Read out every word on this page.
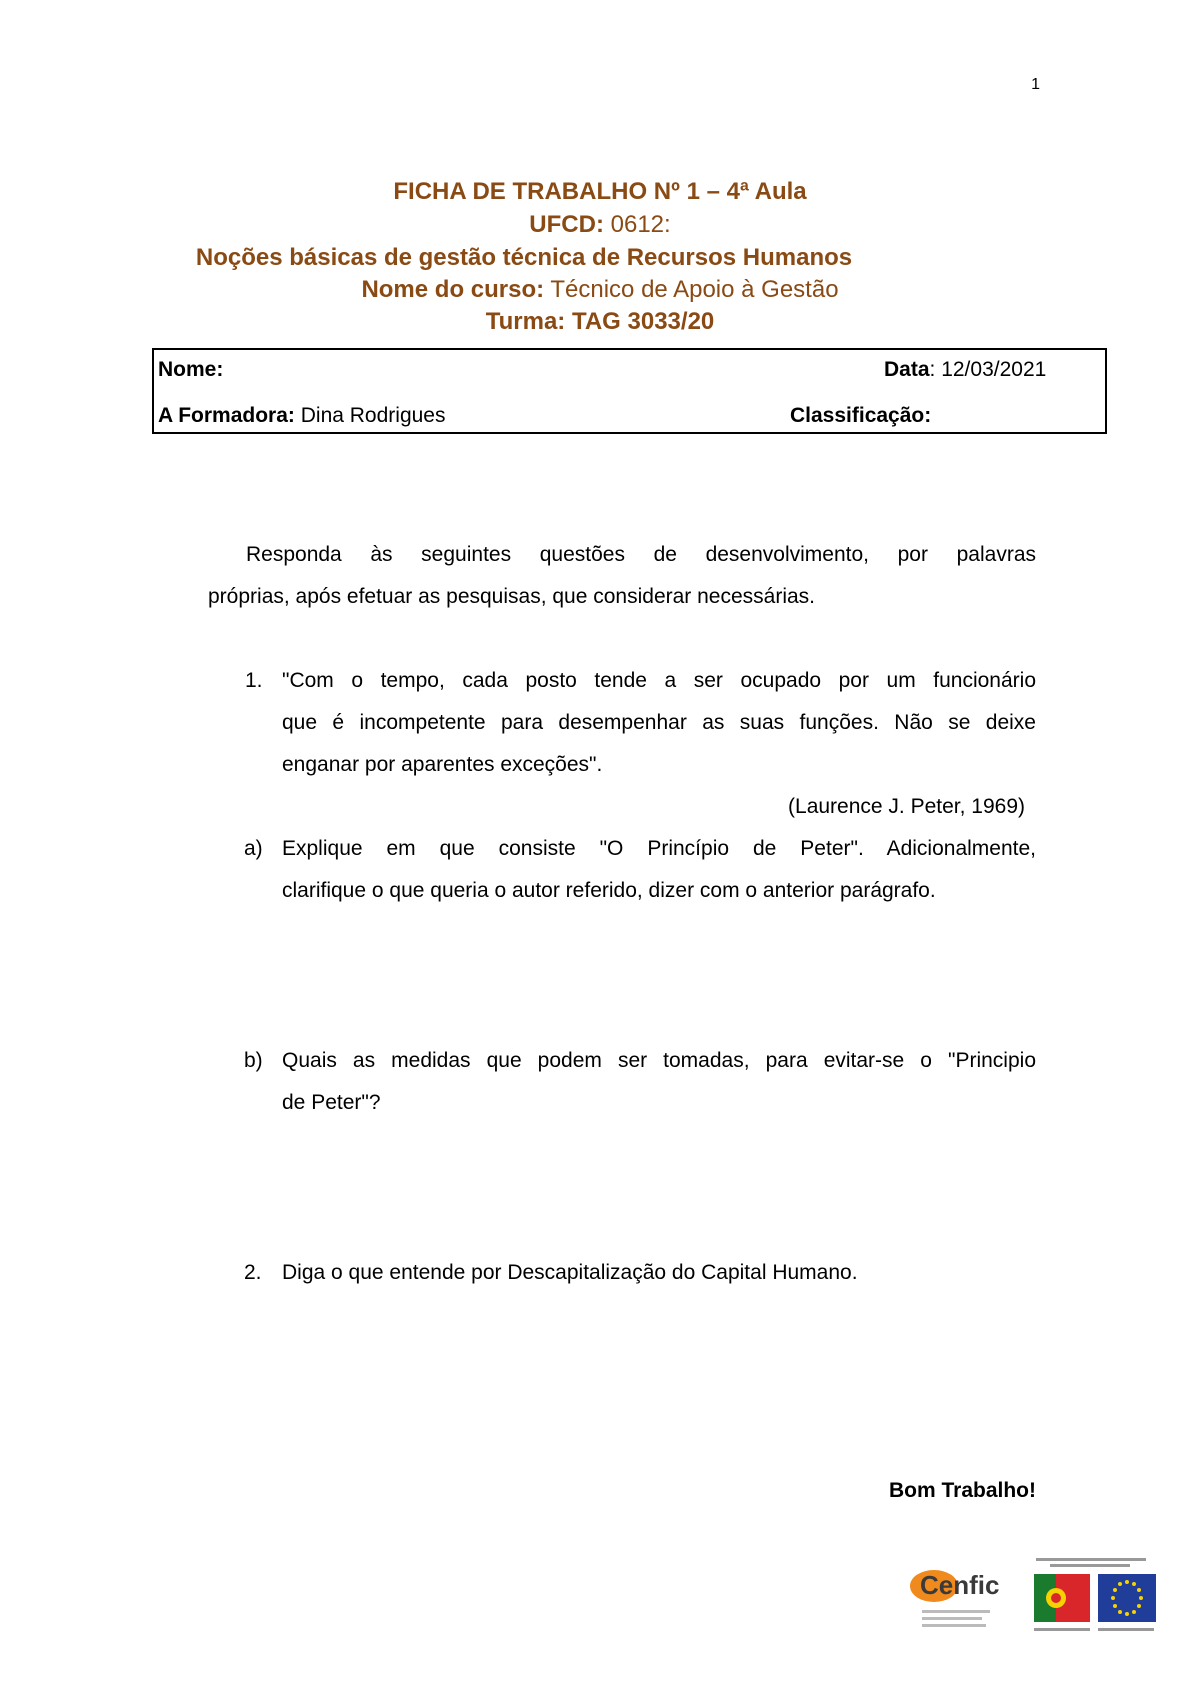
1
FICHA DE TRABALHO Nº 1 – 4ª Aula
UFCD: 0612:
Noções básicas de gestão técnica de Recursos Humanos
Nome do curso: Técnico de Apoio à Gestão
Turma: TAG 3033/20
Nome:	Data: 12/03/2021
A Formadora: Dina Rodrigues	Classificação:
Responda às seguintes questões de desenvolvimento, por palavras
próprias, após efetuar as pesquisas, que considerar necessárias.
1. "Com o tempo, cada posto tende a ser ocupado por um funcionário
que é incompetente para desempenhar as suas funções. Não se deixe
enganar por aparentes exceções".
(Laurence J. Peter, 1969)
a) Explique em que consiste "O Princípio de Peter". Adicionalmente,
clarifique o que queria o autor referido, dizer com o anterior parágrafo.
b) Quais as medidas que podem ser tomadas, para evitar-se o "Principio
de Peter"?
2. Diga o que entende por Descapitalização do Capital Humano.
Bom Trabalho!
Cenfic
